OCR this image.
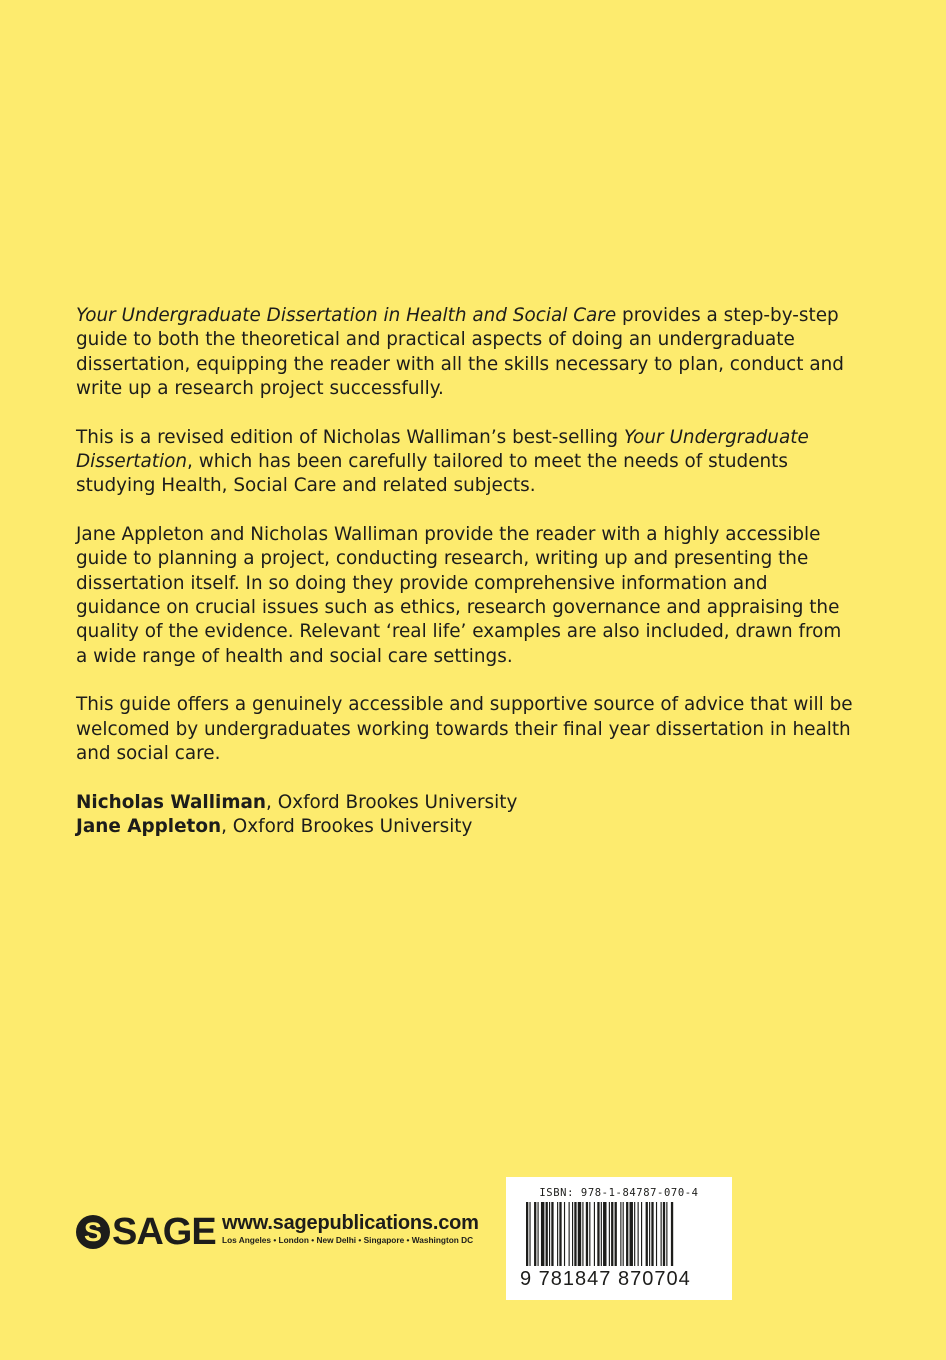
Your Undergraduate Dissertation in Health and Social Care provides a step-by-step guide to both the theoretical and practical aspects of doing an undergraduate dissertation, equipping the reader with all the skills necessary to plan, conduct and write up a research project successfully.

This is a revised edition of Nicholas Walliman’s best-selling Your Undergraduate Dissertation, which has been carefully tailored to meet the needs of students studying Health, Social Care and related subjects.

Jane Appleton and Nicholas Walliman provide the reader with a highly accessible guide to planning a project, conducting research, writing up and presenting the dissertation itself. In so doing they provide comprehensive information and guidance on crucial issues such as ethics, research governance and appraising the quality of the evidence. Relevant ‘real life’ examples are also included, drawn from a wide range of health and social care settings.

This guide offers a genuinely accessible and supportive source of advice that will be welcomed by undergraduates working towards their final year dissertation in health and social care.

Nicholas Walliman, Oxford Brookes University
Jane Appleton, Oxford Brookes University
S SAGE www.sagepublications.com
Los Angeles • London • New Delhi • Singapore • Washington DC
ISBN: 978-1-84787-070-4
9 781847 870704
